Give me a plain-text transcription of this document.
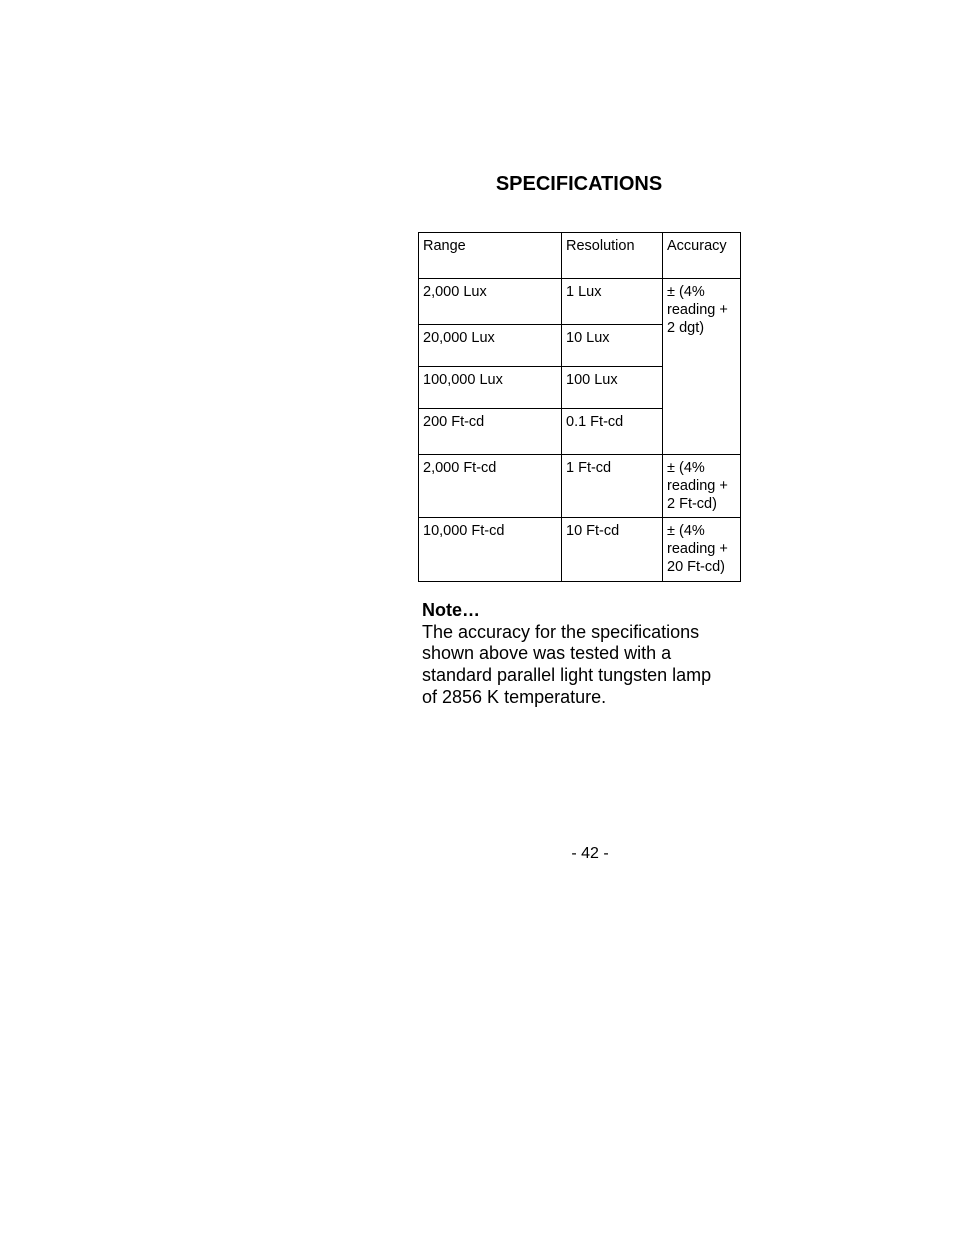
SPECIFICATIONS
Range	Resolution	Accuracy
2,000 Lux	1 Lux	± (4%
reading +
2 dgt)

20,000 Lux	10 Lux	
100,000 Lux	100 Lux	
200 Ft-cd	0.1 Ft-cd	
2,000 Ft-cd	1 Ft-cd	± (4%
reading +
2 Ft-cd)

10,000 Ft-cd	10 Ft-cd	± (4%
reading +
20 Ft-cd)
Note…
The accuracy for the specifications
shown above was tested with a
standard parallel light tungsten lamp
of 2856 K temperature.
- 42 -
